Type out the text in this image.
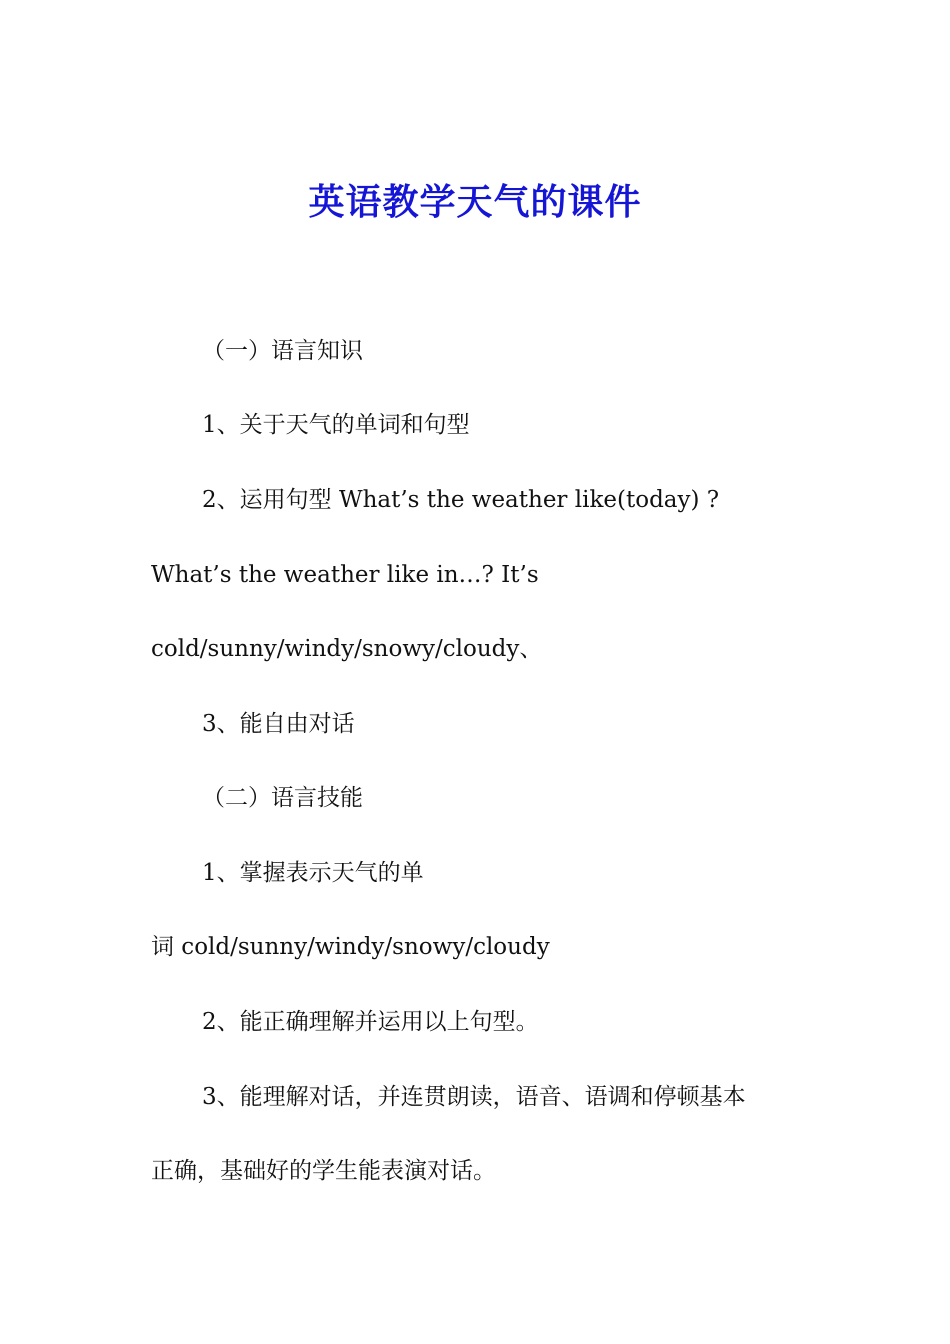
英语教学天气的课件
（一）语言知识
1、关于天气的单词和句型
2、运用句型 What’s the weather like(today) ?
What’s the weather like in…? It’s
cold/sunny/windy/snowy/cloudy、
3、能自由对话
（二）语言技能
1、掌握表示天气的单
词 cold/sunny/windy/snowy/cloudy
2、能正确理解并运用以上句型。
3、能理解对话，并连贯朗读，语音、语调和停顿基本
正确，基础好的学生能表演对话。
